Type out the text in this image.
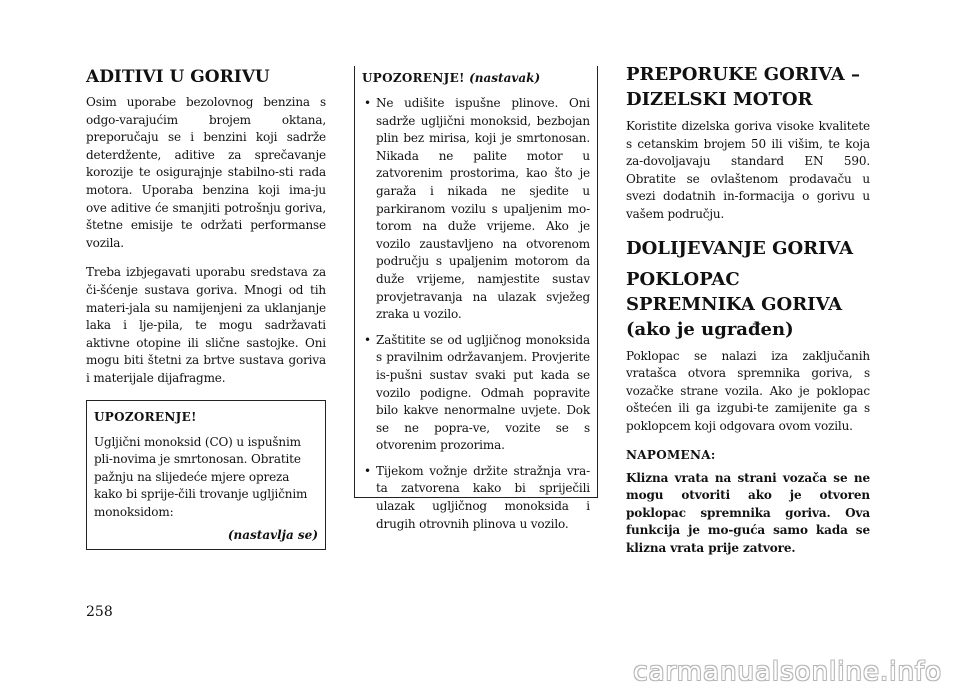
ADITIVI U GORIVU

Osim uporabe bezolovnog benzina s odgo-varajućim brojem oktana, preporučaju se i benzini koji sadrže deterdžente, aditive za sprečavanje korozije te osigurajnje stabilno-sti rada motora. Uporaba benzina koji ima-ju ove aditive će smanjiti potrošnju goriva, štetne emisije te održati performanse vozila.

Treba izbjegavati uporabu sredstava za či-šćenje sustava goriva. Mnogi od tih materi-jala su namijenjeni za uklanjanje laka i lje-pila, te mogu sadržavati aktivne otopine ili slične sastojke. Oni mogu biti štetni za brtve sustava goriva i materijale dijafragme.

UPOZORENJE!

Ugljični monoksid (CO) u ispušnim pli-novima je smrtonosan. Obratite pažnju na slijedeće mjere opreza kako bi sprije-čili trovanje ugljičnim monoksidom:

(nastavlja se)
UPOZORENJE! (nastavak)
• Ne udišite ispušne plinove. Oni sadrže ugljični monoksid, bezbojan plin bez mirisa, koji je smrtonosan. Nikada ne palite motor u zatvorenim prostorima, kao što je garaža i nikada ne sjedite u parkiranom vozilu s upaljenim mo-torom na duže vrijeme. Ako je vozilo zaustavljeno na otvorenom području s upaljenim motorom da duže vrijeme, namjestite sustav provjetravanja na ulazak svježeg zraka u vozilo.
• Zaštitite se od ugljičnog monoksida s pravilnim održavanjem. Provjerite is-pušni sustav svaki put kada se vozilo podigne. Odmah popravite bilo kakve nenormalne uvjete. Dok se ne popra-ve, vozite se s otvorenim prozorima.
• Tijekom vožnje držite stražnja vra-ta zatvorena kako bi spriječili ulazak ugljičnog monoksida i drugih otrovnih plinova u vozilo.
PREPORUKE GORIVA – DIZELSKI MOTOR

Koristite dizelska goriva visoke kvalitete s cetanskim brojem 50 ili višim, te koja za-dovoljavaju standard EN 590. Obratite se ovlaštenom prodavaču u svezi dodatnih in-formacija o gorivu u vašem području.

DOLIJEVANJE GORIVA
POKLOPAC SPREMNIKA GORIVA (ako je ugrađen)

Poklopac se nalazi iza zaključanih vratašca otvora spremnika goriva, s vozačke strane vozila. Ako je poklopac oštećen ili ga izgubi-te zamijenite ga s poklopcem koji odgovara ovom vozilu.

NAPOMENA:

Klizna vrata na strani vozača se ne mogu otvoriti ako je otvoren poklopac spremnika goriva. Ova funkcija je mo-guća samo kada se klizna vrata prije zatvore.

258
carmanualsonline.info
